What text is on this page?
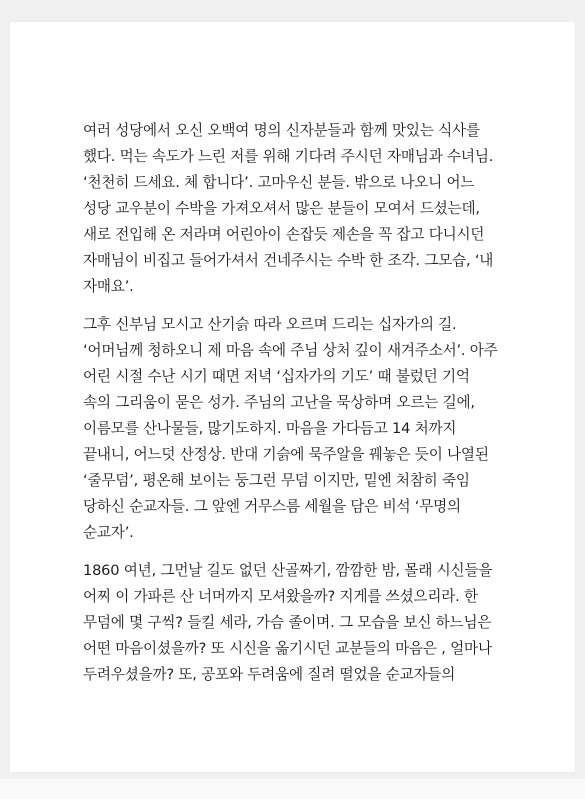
여러 성당에서 오신 오백여 명의 신자분들과 함께 맛있는 식사를
했다. 먹는 속도가 느린 저를 위해 기다려 주시던 자매님과 수녀님.
‘천천히 드세요. 체 합니다’. 고마우신 분들. 밖으로 나오니 어느
성당 교우분이 수박을 가져오셔서 많은 분들이 모여서 드셨는데,
새로 전입해 온 저라며 어린아이 손잡듯 제손을 꼭 잡고 다니시던
자매님이 비집고 들어가셔서 건네주시는 수박 한 조각. 그모습, ‘내
자매요’.

그후 신부님 모시고 산기슭 따라 오르며 드리는 십자가의 길.
‘어머님께 청하오니 제 마음 속에 주님 상처 깊이 새겨주소서’. 아주
어린 시절 수난 시기 때면 저녁 ‘십자가의 기도’ 때 불렀던 기억
속의 그리움이 묻은 성가. 주님의 고난을 묵상하며 오르는 길에,
이름모를 산나물들, 많기도하지. 마음을 가다듬고 14 처까지
끝내니, 어느덧 산정상. 반대 기슭에 묵주알을 꿰놓은 듯이 나열된
‘줄무덤’, 평온해 보이는 둥그런 무덤 이지만, 밑엔 처참히 죽임
당하신 순교자들. 그 앞엔 거무스름 세월을 담은 비석 ‘무명의
순교자’.

1860 여년, 그먼날 길도 없던 산골짜기, 깜깜한 밤, 몰래 시신들을
어찌 이 가파른 산 너머까지 모셔왔을까? 지게를 쓰셨으리라. 한
무덤에 몇 구씩? 들킬 세라, 가슴 졸이며. 그 모습을 보신 하느님은
어떤 마음이셨을까? 또 시신을 옮기시던 교분들의 마음은 , 얼마나
두려우셨을까? 또, 공포와 두려움에 질려 떨었을 순교자들의
